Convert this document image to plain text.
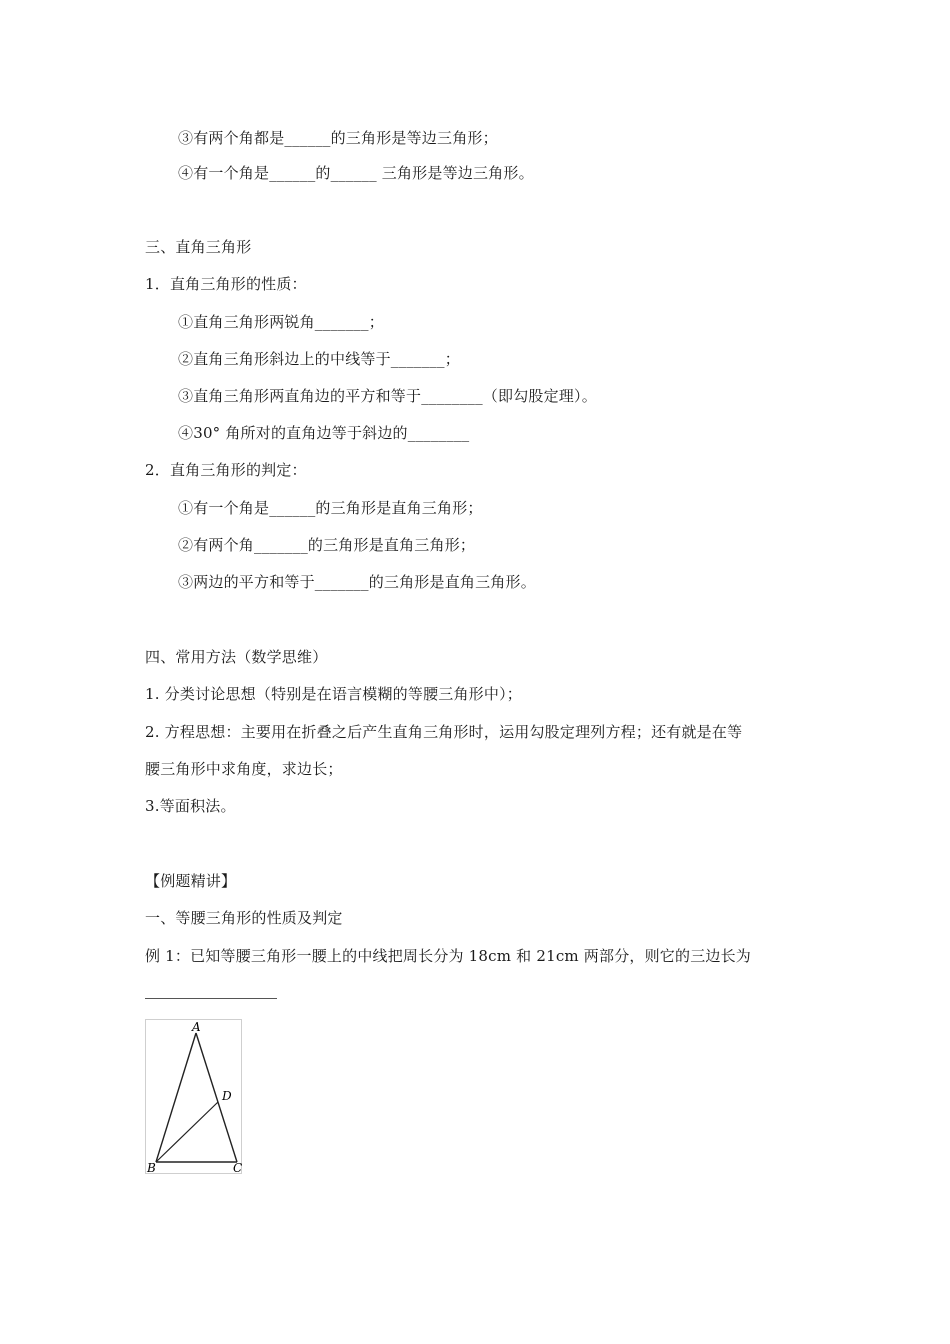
③有两个角都是______的三角形是等边三角形；
④有一个角是______的______ 三角形是等边三角形。
三、直角三角形
1．直角三角形的性质：
①直角三角形两锐角_______；
②直角三角形斜边上的中线等于_______；
③直角三角形两直角边的平方和等于________（即勾股定理）。
④30° 角所对的直角边等于斜边的________
2．直角三角形的判定：
①有一个角是______的三角形是直角三角形；
②有两个角_______的三角形是直角三角形；
③两边的平方和等于_______的三角形是直角三角形。
四、常用方法（数学思维）
1. 分类讨论思想（特别是在语言模糊的等腰三角形中）；
2. 方程思想：主要用在折叠之后产生直角三角形时，运用勾股定理列方程；还有就是在等
腰三角形中求角度，求边长；
3.等面积法。
【例题精讲】
一、等腰三角形的性质及判定
例 1：已知等腰三角形一腰上的中线把周长分为 18cm 和 21cm 两部分，则它的三边长为
A
B	C
D
